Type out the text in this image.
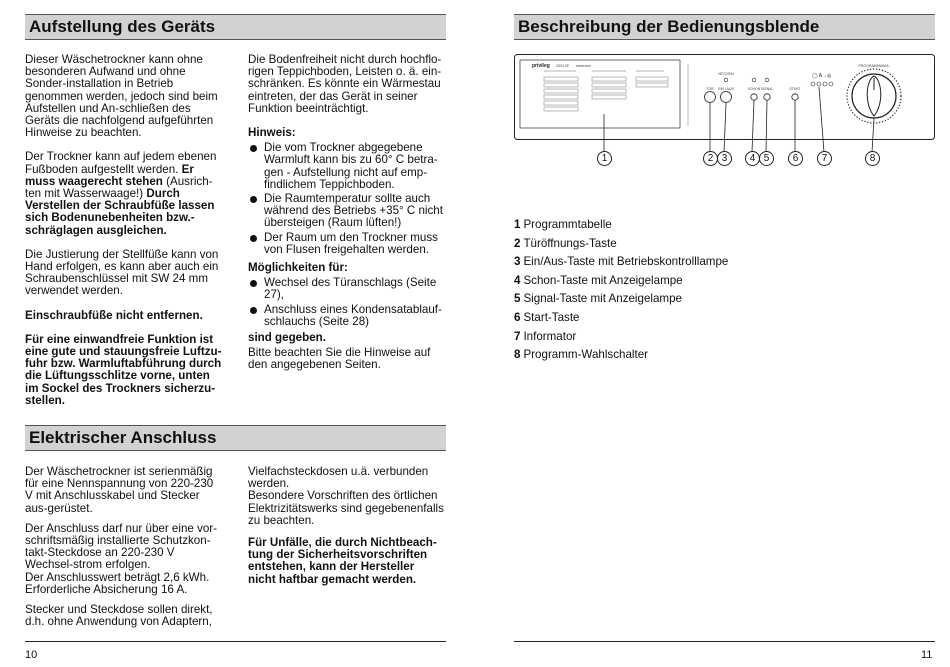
Aufstellung des Geräts

Dieser Wäschetrockner kann ohne besonderen Aufwand und ohne Sonder-installation in Betrieb genommen werden, jedoch sind beim Aufstellen und An-schließen des Geräts die nachfolgend aufgeführten Hinweise zu beachten.

Der Trockner kann auf jedem ebenen Fußboden aufgestellt werden. Er muss waagerecht stehen (Ausrich-ten mit Wasserwaage!) Durch Verstellen der Schraubfüße lassen sich Bodenunebenheiten bzw.-schräglagen ausgleichen.

Die Justierung der Stellfüße kann von Hand erfolgen, es kann aber auch ein Schraubenschlüssel mit SW 24 mm verwendet werden.

Einschraubfüße nicht entfernen.

Für eine einwandfreie Funktion ist eine gute und stauungsfreie Luftzu-fuhr bzw. Warmluftabführung durch die Lüftungsschlitze vorne, unten im Sockel des Trockners sicherzu-stellen.

Die Bodenfreiheit nicht durch hochflo-rigen Teppichboden, Leisten o. ä. ein-schränken. Es könnte ein Wärmestau eintreten, der das Gerät in seiner Funktion beeinträchtigt.

Hinweis:
Die vom Trockner abgegebene Warmluft kann bis zu 60° C betra-gen - Aufstellung nicht auf emp-findlichem Teppichboden.
Die Raumtemperatur sollte auch während des Betriebs +35° C nicht übersteigen (Raum lüften!)
Der Raum um den Trockner muss von Flusen freigehalten werden.
Möglichkeiten für:
Wechsel des Türanschlags (Seite 27),
Anschluss eines Kondensatablauf-schlauchs (Seite 28)
sind gegeben.
Bitte beachten Sie die Hinweise auf den angegebenen Seiten.
Elektrischer Anschluss

Der Wäschetrockner ist serienmäßig für eine Nennspannung von 220-230 V mit Anschlusskabel und Stecker aus-gerüstet.

Der Anschluss darf nur über eine vor-schriftsmäßig installierte Schutzkon-takt-Steckdose an 220-230 V Wechsel-strom erfolgen.
Der Anschlusswert beträgt 2,6 kWh.

Erforderliche Absicherung 16 A.

Stecker und Steckdose sollen direkt, d.h. ohne Anwendung von Adaptern,
Vielfachsteckdosen u.ä. verbunden werden.

Besondere Vorschriften des örtlichen Elektrizitätswerks sind gegebenenfalls zu beachten.

Für Unfälle, die durch Nichtbeach-tung der Sicherheitsvorschriften entstehen, kann der Hersteller nicht haftbar gemacht werden.

10
Beschreibung der Bedienungsblende
privileg 3333 ZE electronic
NETZ/EIN
TÜR EIN / AUS	SCHON SIGNAL	START
◯ A→◎
PROGRAMMWAHL
1	2 3	4 5	6	7	8
1 Programmtabelle
2 Türöffnungs-Taste
3 Ein/Aus-Taste mit Betriebskontrolllampe
4 Schon-Taste mit Anzeigelampe
5 Signal-Taste mit Anzeigelampe
6 Start-Taste
7 Informator
8 Programm-Wahlschalter
11
